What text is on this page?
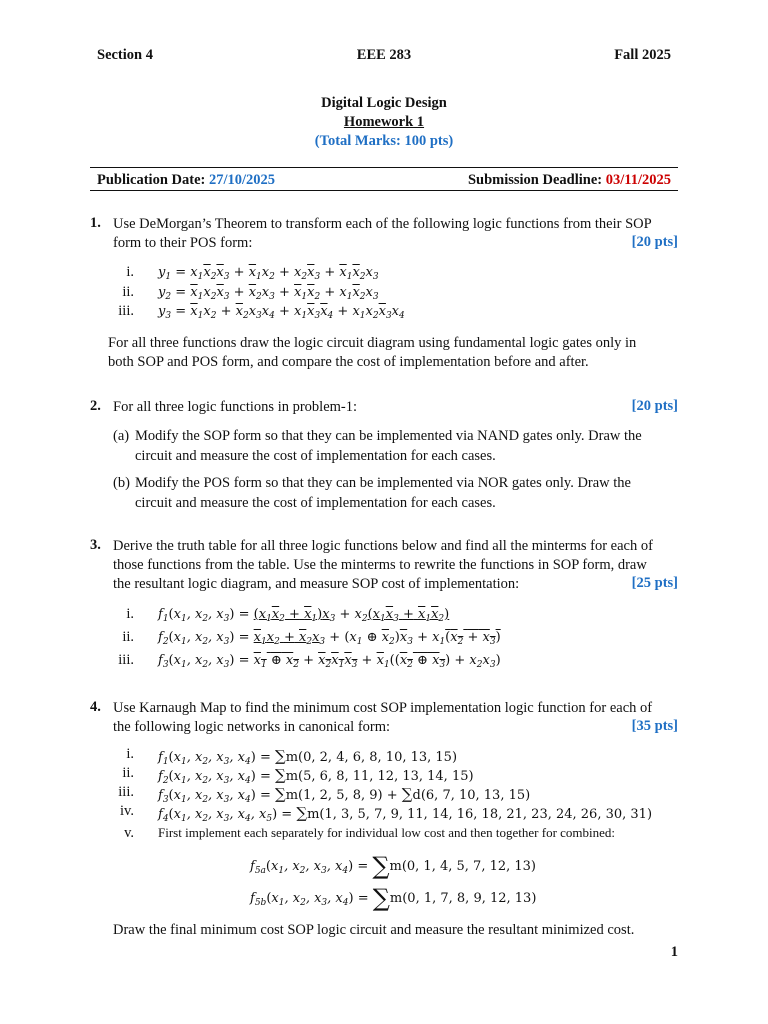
Section 4	EEE 283	Fall 2025
Digital Logic Design
Homework 1
(Total Marks: 100 pts)
Publication Date: 27/10/2025	Submission Deadline: 03/11/2025
1. Use DeMorgan’s Theorem to transform each of the following logic functions from their SOP
form to their POS form:	[20 pts]
i. $y_1 = x_1\overline{x}_2\overline{x}_3 + \overline{x}_1x_2 + x_2\overline{x}_3 + \overline{x}_1\overline{x}_2x_3$
ii. $y_2 = \overline{x}_1x_2\overline{x}_3 + \overline{x}_2x_3 + \overline{x}_1\overline{x}_2 + x_1\overline{x}_2x_3$
iii. $y_3 = \overline{x}_1x_2 + \overline{x}_2x_3x_4 + x_1\overline{x}_3\overline{x}_4 + x_1x_2\overline{x}_3x_4$
For all three functions draw the logic circuit diagram using fundamental logic gates only in
both SOP and POS form, and compare the cost of implementation before and after.
2. For all three logic functions in problem-1:	[20 pts]
(a) Modify the SOP form so that they can be implemented via NAND gates only. Draw the
circuit and measure the cost of implementation for each cases.
(b) Modify the POS form so that they can be implemented via NOR gates only. Draw the
circuit and measure the cost of implementation for each cases.
3. Derive the truth table for all three logic functions below and find all the minterms for each of
those functions from the table. Use the minterms to rewrite the functions in SOP form, draw
the resultant logic diagram, and measure SOP cost of implementation:	[25 pts]
i. $f_1(x_1$, $x_2$, $x_3) = (x_1x_2 + x_1)x_3 + x_2(x_1x_3 + x_1x_2)$
ii. $f_2(x_1$, $x_2$, $x_3) = x_1x_2 + x_2x_3 + (x_1$ ⊕ $\overline{x}_2)\overline{x}_3 + x_1(x_2 + x_3)$
iii. $f_3(x_1$, $x_2$, $x_3) = x_1$ ⊕ $x_2 + x_2x_1x_3 + \overline{x}_1((x_2$ ⊕ $x_3) + x_2x_3$)
4. Use Karnaugh Map to find the minimum cost SOP implementation logic function for each of
the following logic networks in canonical form:	[35 pts]
i. $f_1(x_1$, $x_2$, $x_3$, $x_4) = \sum m(0$, 2, 4, 6, 8, 10, 13, 15)
ii. $f_2(x_1$, $x_2$, $x_3$, $x_4) = \sum m(5$, 6, 8, 11, 12, 13, 14, 15)
iii. $f_3(x_1$, $x_2$, $x_3$, $x_4) = \sum m(1$, 2, 5, 8, 9) + ∑d(6, 7, 10, 13, 15)
iv. $f_4(x_1$, $x_2$, $x_3$, $x_4$, $x_5) = \sum m(1$, 3, 5, 7, 9, 11, 14, 16, 18, 21, 23, 24, 26, 30, 31)
v. First implement each separately for individual low cost and then together for combined:
$f_{5a}(x_1$, $x_2$, $x_3$, $x_4) = \sum m(0$, 1, 4, 5, 7, 12, 13)
$f_{5b}(x_1$, $x_2$, $x_3$, $x_4) = \sum m(0$, 1, 7, 8, 9, 12, 13)
Draw the final minimum cost SOP logic circuit and measure the resultant minimized cost.
1
